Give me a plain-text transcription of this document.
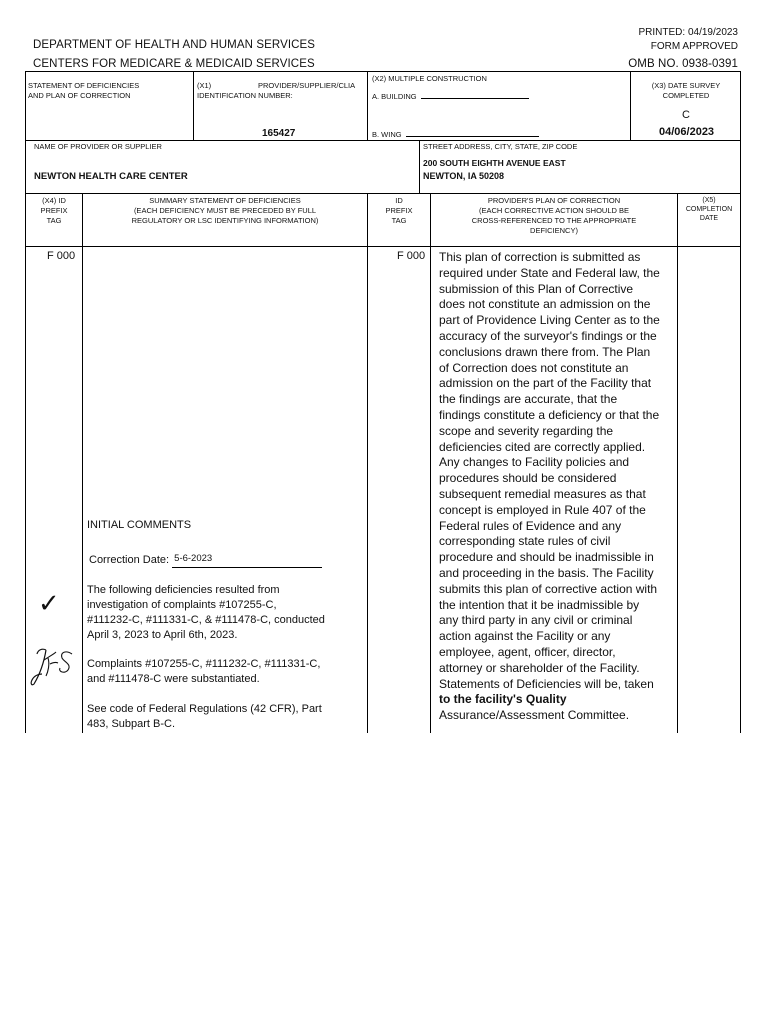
PRINTED: 04/19/2023
FORM APPROVED
OMB NO. 0938-0391
DEPARTMENT OF HEALTH AND HUMAN SERVICES
CENTERS FOR MEDICARE & MEDICAID SERVICES
STATEMENT OF DEFICIENCIES
AND PLAN OF CORRECTION
(X1)	PROVIDER/SUPPLIER/CLIA
IDENTIFICATION NUMBER:
165427
(X2) MULTIPLE CONSTRUCTION
A. BUILDING
B. WING
(X3) DATE SURVEY
COMPLETED
C
04/06/2023
NAME OF PROVIDER OR SUPPLIER
NEWTON HEALTH CARE CENTER
STREET ADDRESS, CITY, STATE, ZIP CODE
200 SOUTH EIGHTH AVENUE EAST
NEWTON, IA 50208
(X4) ID
PREFIX
TAG
SUMMARY STATEMENT OF DEFICIENCIES
(EACH DEFICIENCY MUST BE PRECEDED BY FULL
REGULATORY OR LSC IDENTIFYING INFORMATION)
ID
PREFIX
TAG
PROVIDER'S PLAN OF CORRECTION
(EACH CORRECTIVE ACTION SHOULD BE
CROSS-REFERENCED TO THE APPROPRIATE
DEFICIENCY)
(X5)
COMPLETION
DATE
F 000	F 000
INITIAL COMMENTS
Correction Date: 5-6-2023
The following deficiencies resulted from
investigation of complaints #107255-C,
#111232-C, #111331-C, & #111478-C, conducted
April 3, 2023 to April 6th, 2023.
Complaints #107255-C, #111232-C, #111331-C,
and #111478-C were substantiated.
See code of Federal Regulations (42 CFR), Part
483, Subpart B-C.
✓
This plan of correction is submitted as
required under State and Federal law, the
submission of this Plan of Corrective
does not constitute an admission on the
part of Providence Living Center as to the
accuracy of the surveyor's findings or the
conclusions drawn there from. The Plan
of Correction does not constitute an
admission on the part of the Facility that
the findings are accurate, that the
findings constitute a deficiency or that the
scope and severity regarding the
deficiencies cited are correctly applied.
Any changes to Facility policies and
procedures should be considered
subsequent remedial measures as that
concept is employed in Rule 407 of the
Federal rules of Evidence and any
corresponding state rules of civil
procedure and should be inadmissible in
and proceeding in the basis. The Facility
submits this plan of corrective action with
the intention that it be inadmissible by
any third party in any civil or criminal
action against the Facility or any
employee, agent, officer, director,
attorney or shareholder of the Facility.
Statements of Deficiencies will be, taken
to the facility's Quality
Assurance/Assessment Committee.
